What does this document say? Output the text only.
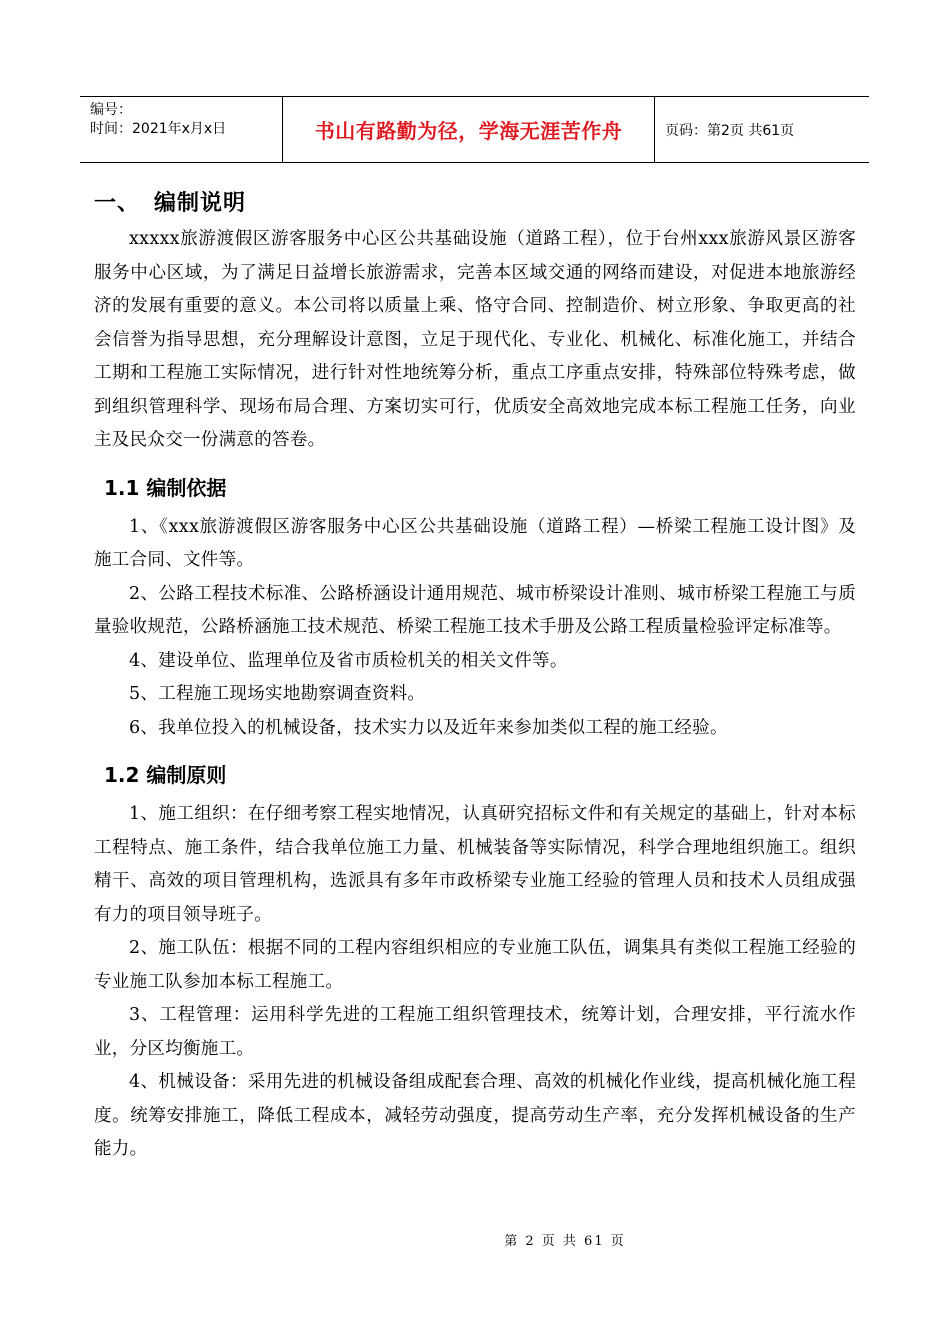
编号：
时间：2021年x月x日	书山有路勤为径，学海无涯苦作舟	页码：第2页 共61页
一、 编制说明

xxxxx旅游渡假区游客服务中心区公共基础设施（道路工程），位于台州xxx旅游风景区游客服务中心区域，为了满足日益增长旅游需求，完善本区域交通的网络而建设，对促进本地旅游经济的发展有重要的意义。本公司将以质量上乘、恪守合同、控制造价、树立形象、争取更高的社会信誉为指导思想，充分理解设计意图，立足于现代化、专业化、机械化、标准化施工，并结合工期和工程施工实际情况，进行针对性地统筹分析，重点工序重点安排，特殊部位特殊考虑，做到组织管理科学、现场布局合理、方案切实可行，优质安全高效地完成本标工程施工任务，向业主及民众交一份满意的答卷。

1.1 编制依据

1、《xxx旅游渡假区游客服务中心区公共基础设施（道路工程）—桥梁工程施工设计图》及施工合同、文件等。

2、公路工程技术标准、公路桥涵设计通用规范、城市桥梁设计准则、城市桥梁工程施工与质量验收规范，公路桥涵施工技术规范、桥梁工程施工技术手册及公路工程质量检验评定标准等。

4、建设单位、监理单位及省市质检机关的相关文件等。

5、工程施工现场实地勘察调查资料。

6、我单位投入的机械设备，技术实力以及近年来参加类似工程的施工经验。

1.2 编制原则

1、施工组织：在仔细考察工程实地情况，认真研究招标文件和有关规定的基础上，针对本标工程特点、施工条件，结合我单位施工力量、机械装备等实际情况，科学合理地组织施工。组织精干、高效的项目管理机构，选派具有多年市政桥梁专业施工经验的管理人员和技术人员组成强有力的项目领导班子。

2、施工队伍：根据不同的工程内容组织相应的专业施工队伍，调集具有类似工程施工经验的专业施工队参加本标工程施工。

3、工程管理：运用科学先进的工程施工组织管理技术，统筹计划，合理安排，平行流水作业，分区均衡施工。

4、机械设备：采用先进的机械设备组成配套合理、高效的机械化作业线，提高机械化施工程度。统筹安排施工，降低工程成本，减轻劳动强度，提高劳动生产率，充分发挥机械设备的生产能力。

第 2 页 共 61 页
